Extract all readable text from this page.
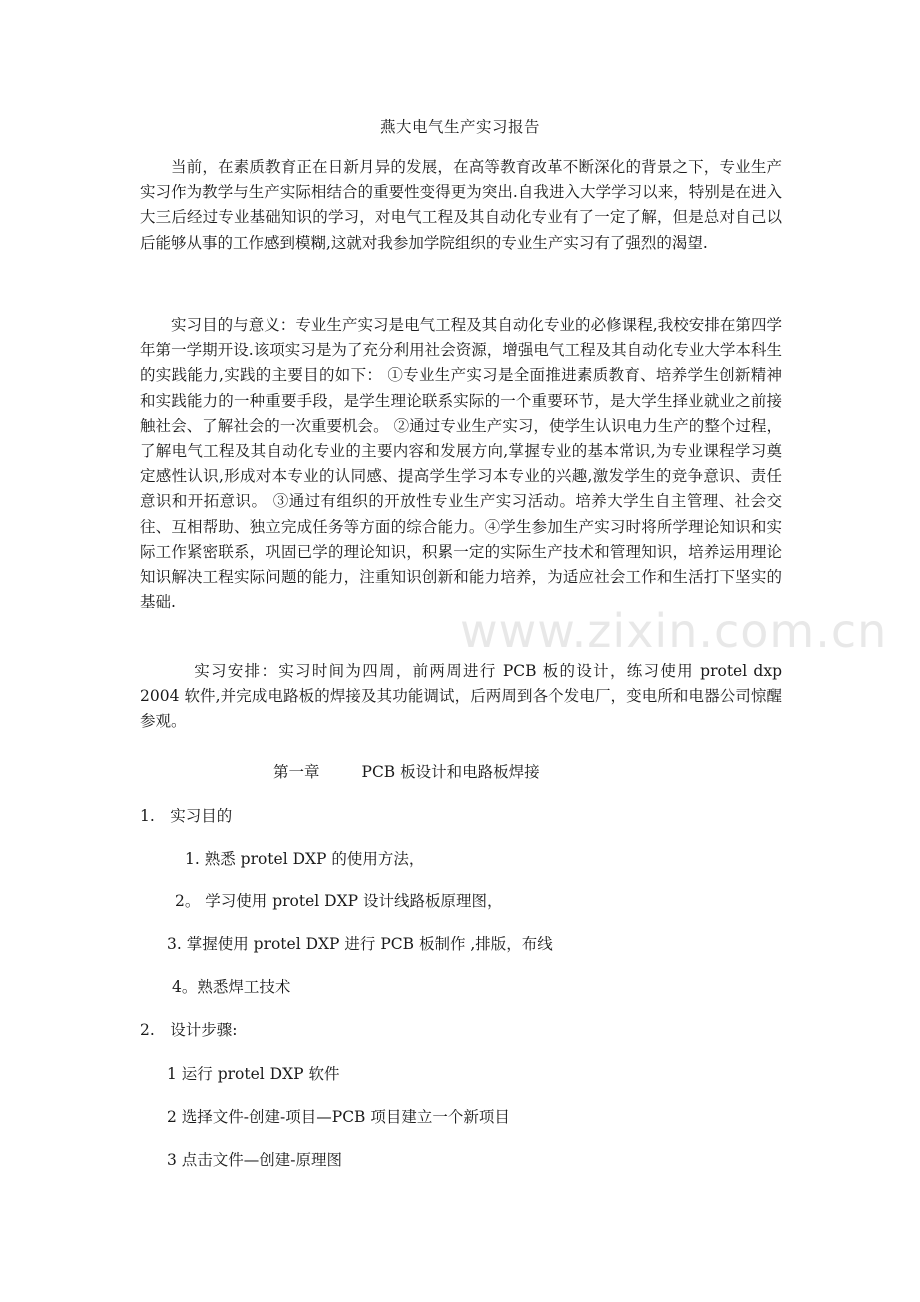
燕大电气生产实习报告

当前，在素质教育正在日新月异的发展，在高等教育改革不断深化的背景之下，专业生产实习作为教学与生产实际相结合的重要性变得更为突出.自我进入大学学习以来，特别是在进入大三后经过专业基础知识的学习，对电气工程及其自动化专业有了一定了解，但是总对自己以后能够从事的工作感到模糊,这就对我参加学院组织的专业生产实习有了强烈的渴望.

实习目的与意义：专业生产实习是电气工程及其自动化专业的必修课程,我校安排在第四学年第一学期开设.该项实习是为了充分利用社会资源，增强电气工程及其自动化专业大学本科生的实践能力,实践的主要目的如下： ①专业生产实习是全面推进素质教育、培养学生创新精神和实践能力的一种重要手段，是学生理论联系实际的一个重要环节，是大学生择业就业之前接触社会、了解社会的一次重要机会。 ②通过专业生产实习，使学生认识电力生产的整个过程，了解电气工程及其自动化专业的主要内容和发展方向,掌握专业的基本常识,为专业课程学习奠定感性认识,形成对本专业的认同感、提高学生学习本专业的兴趣,激发学生的竞争意识、责任意识和开拓意识。 ③通过有组织的开放性专业生产实习活动。培养大学生自主管理、社会交往、互相帮助、独立完成任务等方面的综合能力。④学生参加生产实习时将所学理论知识和实际工作紧密联系，巩固已学的理论知识，积累一定的实际生产技术和管理知识，培养运用理论知识解决工程实际问题的能力，注重知识创新和能力培养，为适应社会工作和生活打下坚实的基础.

实习安排：实习时间为四周，前两周进行 PCB 板的设计，练习使用 protel dxp 2004 软件,并完成电路板的焊接及其功能调试，后两周到各个发电厂，变电所和电器公司惊醒参观。

第一章	PCB 板设计和电路板焊接
1. 实习目的
1. 熟悉 protel DXP 的使用方法，
2。 学习使用 protel DXP 设计线路板原理图，
3. 掌握使用 protel DXP 进行 PCB 板制作 ,排版，布线
4。熟悉焊工技术
2. 设计步骤:
1 运行 protel DXP 软件
2 选择文件-创建-项目—PCB 项目建立一个新项目
3 点击文件—创建-原理图
www.zixin.com.cn
